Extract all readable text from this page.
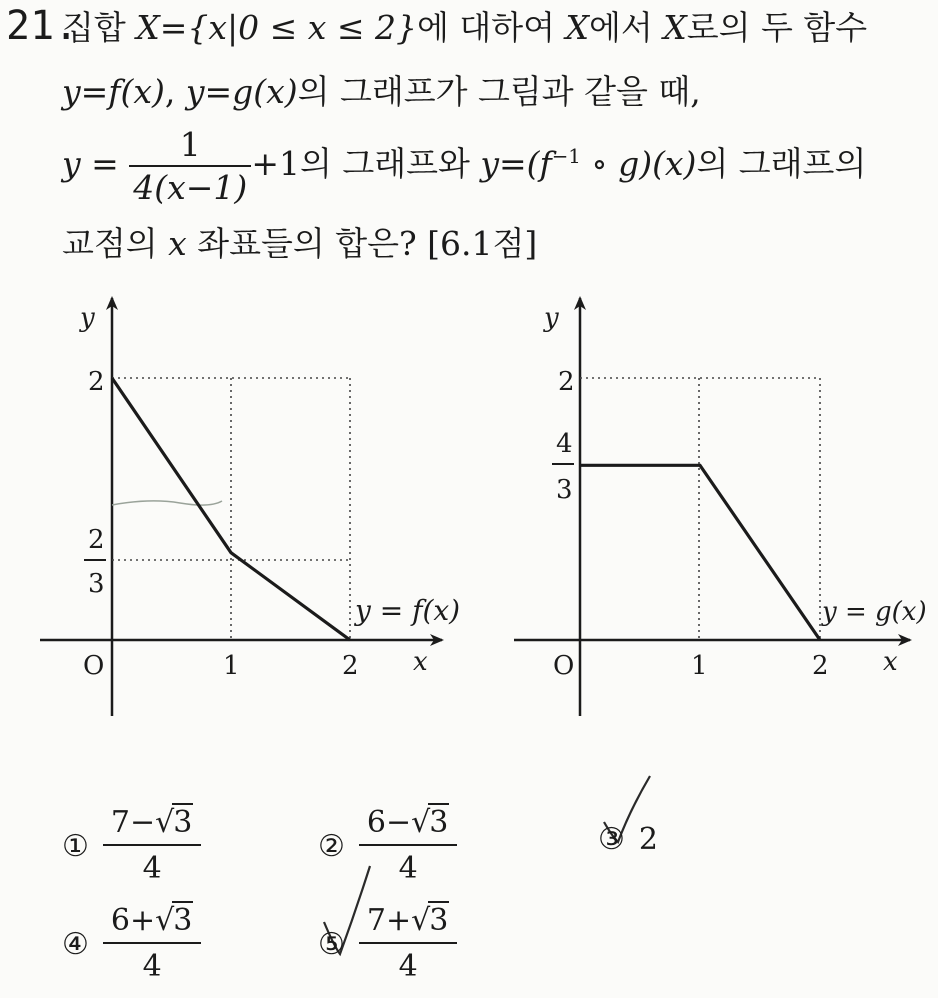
21.
집합 X={x|0 ≤ x ≤ 2}에 대하여 X에서 X로의 두 함수
y=f(x), y=g(x)의 그래프가 그림과 같을 때,
$y = \frac{1}{4(x-1)} +1$의 그래프와 $y=(f^{-1}$ ∘ g)(x)의 그래프의
교점의 x 좌표들의 합은? [6.1점]
y
2
2
3
O	1	2 x
y = f(x)
y
2
4
3
O	1	2 x
y = g(x)
① $\frac{7-√3}{4}$	② $\frac{6-√3}{4}$	③ 2
④ $\frac{6+√3}{4}$	⑤ $\frac{7+√3}{4}$
